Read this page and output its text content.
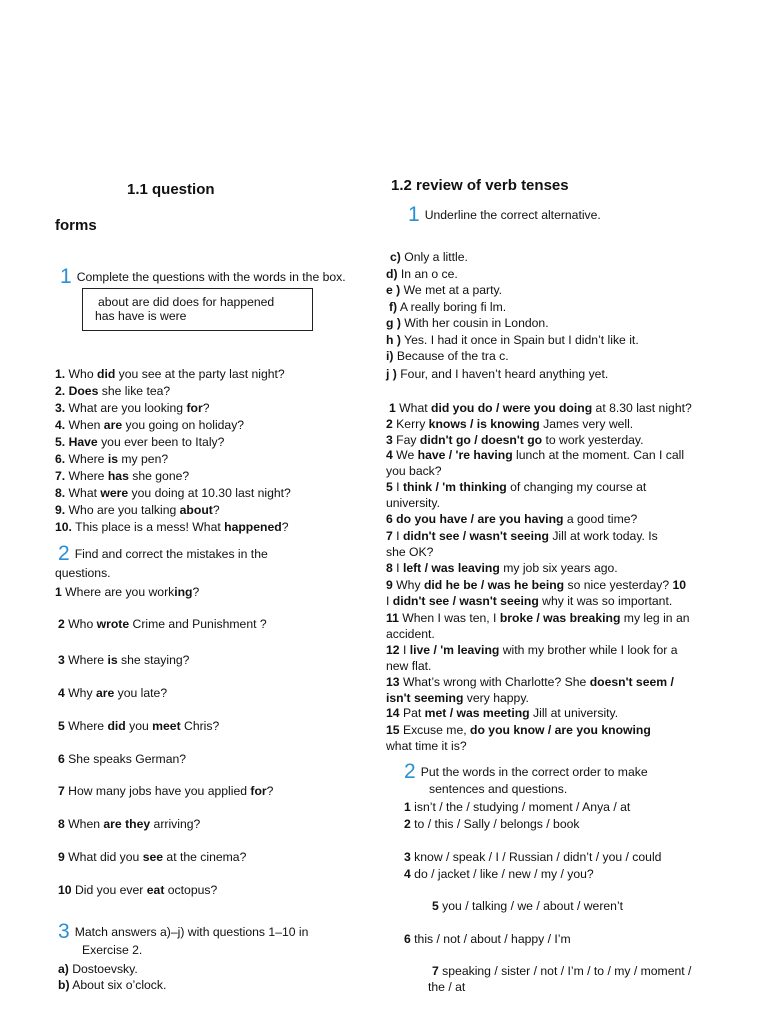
1.1 question
forms
1 Complete the questions with the words in the box.
about are did does for happened
has have is were
1. Who did you see at the party last night?
2. Does she like tea?
3. What are you looking for?
4. When are you going on holiday?
5. Have you ever been to Italy?
6. Where is my pen?
7. Where has she gone?
8. What were you doing at 10.30 last night?
9. Who are you talking about?
10. This place is a mess! What happened?
2 Find and correct the mistakes in the
questions.
1 Where are you working?
2 Who wrote Crime and Punishment ?
3 Where is she staying?
4 Why are you late?
5 Where did you meet Chris?
6 She speaks German?
7 How many jobs have you applied for?
8 When are they arriving?
9 What did you see at the cinema?
10 Did you ever eat octopus?
3 Match answers a)–j) with questions 1–10 in
Exercise 2.
a) Dostoevsky.
b) About six o’clock.
1.2 review of verb tenses
1 Underline the correct alternative.
c) Only a little.
d) In an o ce.
e ) We met at a party.
f) A really boring fi lm.
g ) With her cousin in London.
h ) Yes. I had it once in Spain but I didn’t like it.
i) Because of the tra c.
j ) Four, and I haven’t heard anything yet.
1 What did you do / were you doing at 8.30 last night?
2 Kerry knows / is knowing James very well.
3 Fay didn't go / doesn't go to work yesterday.
4 We have / 're having lunch at the moment. Can I call
you back?
5 I think / 'm thinking of changing my course at
university.
6 do you have / are you having a good time?
7 I didn't see / wasn't seeing Jill at work today. Is
she OK?
8 I left / was leaving my job six years ago.
9 Why did he be / was he being so nice yesterday? 10
I didn't see / wasn't seeing why it was so important.
11 When I was ten, I broke / was breaking my leg in an
accident.
12 I live / 'm leaving with my brother while I look for a
new flat.
13 What’s wrong with Charlotte? She doesn't seem /
isn't seeming very happy.
14 Pat met / was meeting Jill at university.
15 Excuse me, do you know / are you knowing
what time it is?
2 Put the words in the correct order to make
sentences and questions.
1 isn’t / the / studying / moment / Anya / at
2 to / this / Sally / belongs / book
3 know / speak / I / Russian / didn’t / you / could
4 do / jacket / like / new / my / you?
5 you / talking / we / about / weren’t
6 this / not / about / happy / I’m
7 speaking / sister / not / I’m / to / my / moment /
the / at
